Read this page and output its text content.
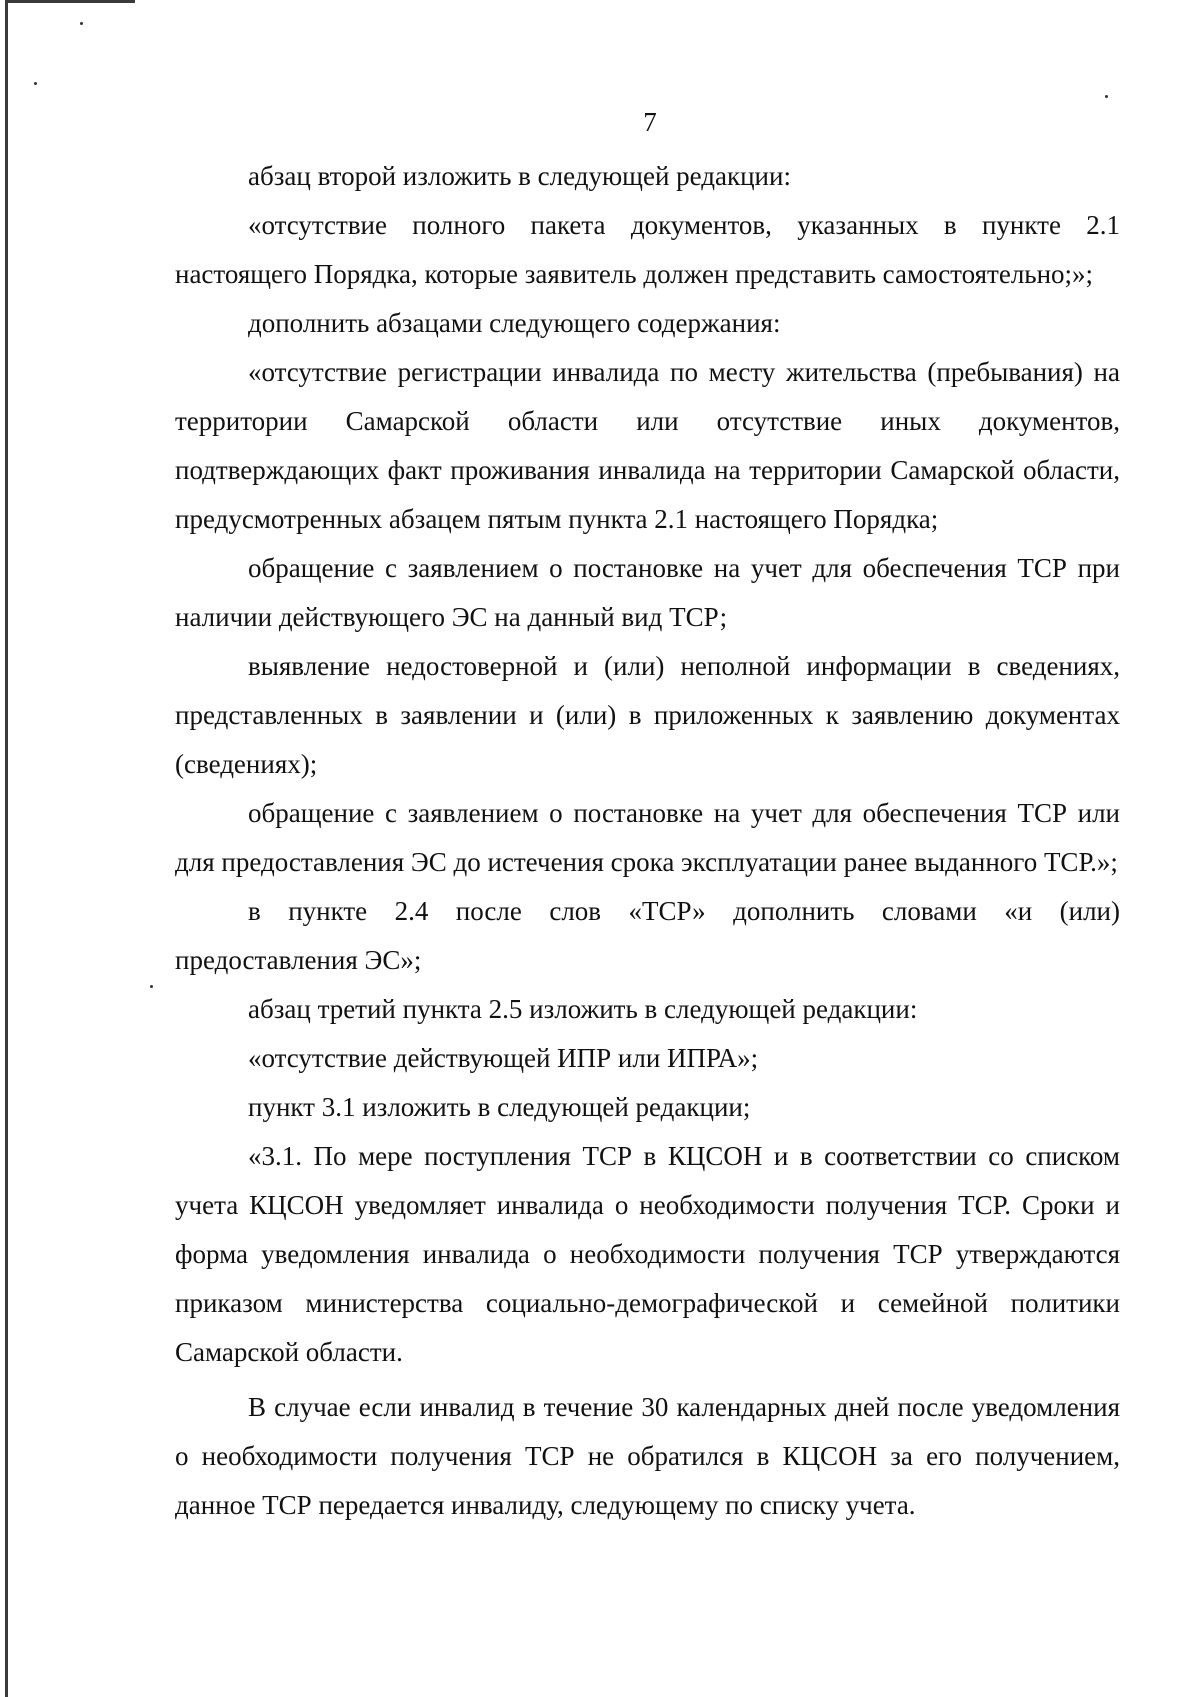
7

абзац второй изложить в следующей редакции:

«отсутствие полного пакета документов, указанных в пункте 2.1 настоящего Порядка, которые заявитель должен представить самостоятельно;»;

дополнить абзацами следующего содержания:

«отсутствие регистрации инвалида по месту жительства (пребывания) на территории Самарской области или отсутствие иных документов, подтверждающих факт проживания инвалида на территории Самарской области, предусмотренных абзацем пятым пункта 2.1 настоящего Порядка;

обращение с заявлением о постановке на учет для обеспечения ТСР при наличии действующего ЭС на данный вид ТСР;

выявление недостоверной и (или) неполной информации в сведениях, представленных в заявлении и (или) в приложенных к заявлению документах (сведениях);

обращение с заявлением о постановке на учет для обеспечения ТСР или для предоставления ЭС до истечения срока эксплуатации ранее выданного ТСР.»;

в пункте 2.4 после слов «ТСР» дополнить словами «и (или) предоставления ЭС»;

абзац третий пункта 2.5 изложить в следующей редакции:

«отсутствие действующей ИПР или ИПРА»;

пункт 3.1 изложить в следующей редакции;

«3.1. По мере поступления ТСР в КЦСОН и в соответствии со списком учета КЦСОН уведомляет инвалида о необходимости получения ТСР. Сроки и форма уведомления инвалида о необходимости получения ТСР утверждаются приказом министерства социально-демографической и семейной политики Самарской области.

В случае если инвалид в течение 30 календарных дней после уведомления о необходимости получения ТСР не обратился в КЦСОН за его получением, данное ТСР передается инвалиду, следующему по списку учета.
